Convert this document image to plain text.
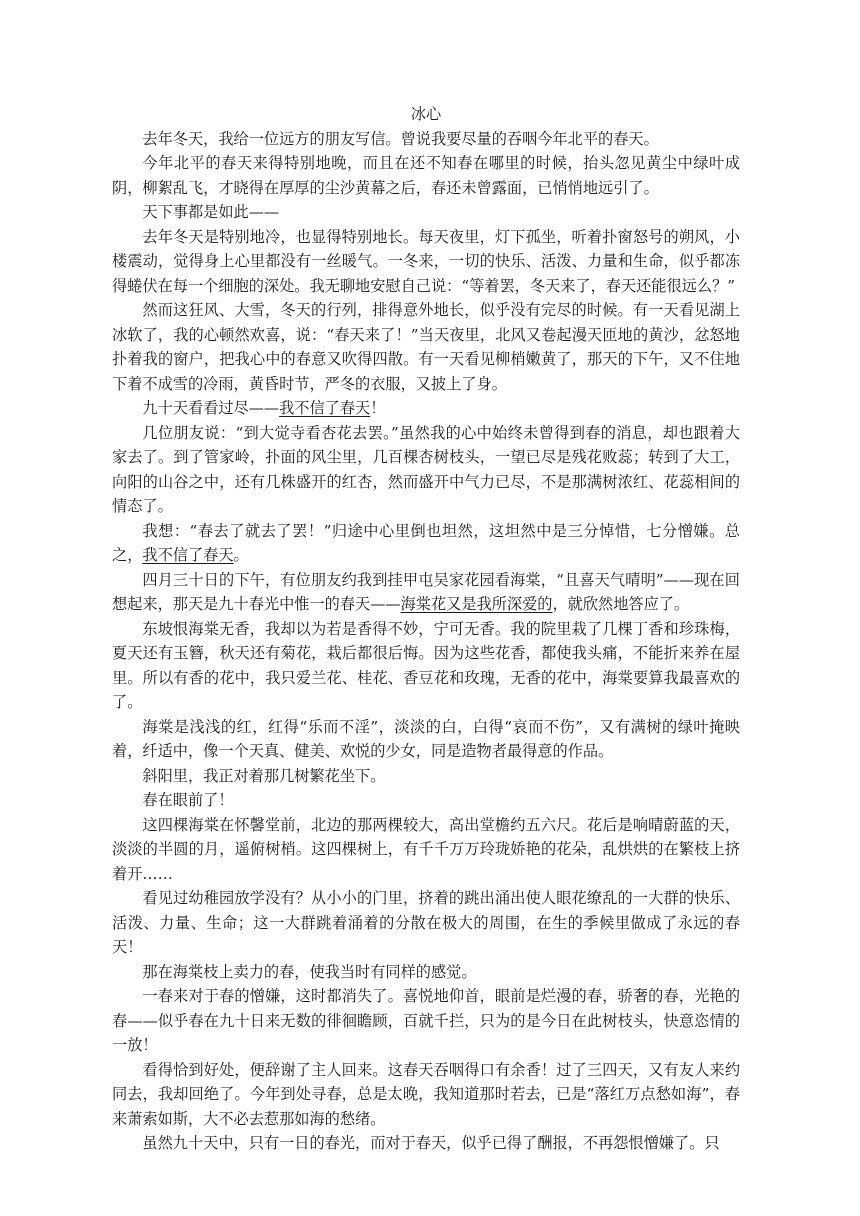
冰心

去年冬天，我给一位远方的朋友写信。曾说我要尽量的吞咽今年北平的春天。

今年北平的春天来得特别地晚，而且在还不知春在哪里的时候，抬头忽见黄尘中绿叶成阴，柳絮乱飞，才晓得在厚厚的尘沙黄幕之后，春还未曾露面，已悄悄地远引了。

天下事都是如此——

去年冬天是特别地冷，也显得特别地长。每天夜里，灯下孤坐，听着扑窗怒号的朔风，小楼震动，觉得身上心里都没有一丝暖气。一冬来，一切的快乐、活泼、力量和生命，似乎都冻得蜷伏在每一个细胞的深处。我无聊地安慰自己说：“等着罢，冬天来了，春天还能很远么？”

然而这狂风、大雪，冬天的行列，排得意外地长，似乎没有完尽的时候。有一天看见湖上冰软了，我的心顿然欢喜，说：“春天来了！”当天夜里，北风又卷起漫天匝地的黄沙，忿怒地扑着我的窗户，把我心中的春意又吹得四散。有一天看见柳梢嫩黄了，那天的下午，又不住地下着不成雪的冷雨，黄昏时节，严冬的衣服，又披上了身。

九十天看看过尽——我不信了春天！

几位朋友说：“到大觉寺看杏花去罢。”虽然我的心中始终未曾得到春的消息，却也跟着大家去了。到了管家岭，扑面的风尘里，几百棵杏树枝头，一望已尽是残花败蕊；转到了大工，向阳的山谷之中，还有几株盛开的红杏，然而盛开中气力已尽，不是那满树浓红、花蕊相间的情态了。

我想：“春去了就去了罢！”归途中心里倒也坦然，这坦然中是三分悼惜，七分憎嫌。总之，我不信了春天。

四月三十日的下午，有位朋友约我到挂甲屯吴家花园看海棠，“且喜天气晴明”——现在回想起来，那天是九十春光中惟一的春天——海棠花又是我所深爱的，就欣然地答应了。

东坡恨海棠无香，我却以为若是香得不妙，宁可无香。我的院里栽了几棵丁香和珍珠梅，夏天还有玉簪，秋天还有菊花，栽后都很后悔。因为这些花香，都使我头痛，不能折来养在屋里。所以有香的花中，我只爱兰花、桂花、香豆花和玫瑰，无香的花中，海棠要算我最喜欢的了。

海棠是浅浅的红，红得“乐而不淫”，淡淡的白，白得“哀而不伤”，又有满树的绿叶掩映着，纤适中，像一个天真、健美、欢悦的少女，同是造物者最得意的作品。

斜阳里，我正对着那几树繁花坐下。

春在眼前了！

这四棵海棠在怀馨堂前，北边的那两棵较大，高出堂檐约五六尺。花后是响晴蔚蓝的天，淡淡的半圆的月，遥俯树梢。这四棵树上，有千千万万玲珑娇艳的花朵，乱烘烘的在繁枝上挤着开……

看见过幼稚园放学没有？从小小的门里，挤着的跳出涌出使人眼花缭乱的一大群的快乐、活泼、力量、生命；这一大群跳着涌着的分散在极大的周围，在生的季候里做成了永远的春天！

那在海棠枝上卖力的春，使我当时有同样的感觉。

一春来对于春的憎嫌，这时都消失了。喜悦地仰首，眼前是烂漫的春，骄奢的春，光艳的春——似乎春在九十日来无数的徘徊瞻顾，百就千拦，只为的是今日在此树枝头，快意恣情的一放！

看得恰到好处，便辞谢了主人回来。这春天吞咽得口有余香！过了三四天，又有友人来约同去，我却回绝了。今年到处寻春，总是太晚，我知道那时若去，已是“落红万点愁如海”，春来萧索如斯，大不必去惹那如海的愁绪。

虽然九十天中，只有一日的春光，而对于春天，似乎已得了酬报，不再怨恨憎嫌了。只
